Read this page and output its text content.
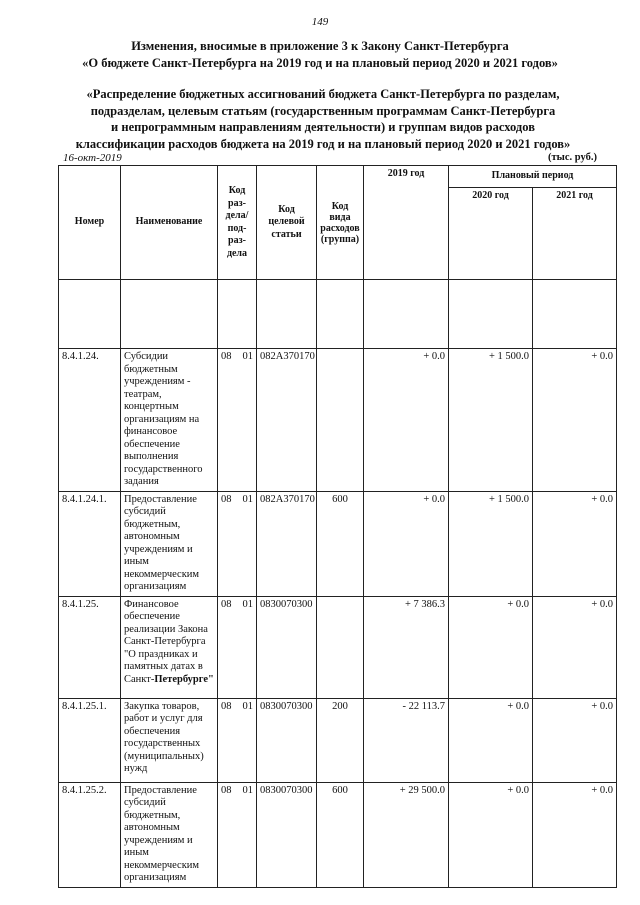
149
Изменения, вносимые в приложение 3 к Закону Санкт-Петербурга
«О бюджете Санкт-Петербурга на 2019 год и на плановый период 2020 и 2021 годов»
«Распределение бюджетных ассигнований бюджета Санкт-Петербурга по разделам,
подразделам, целевым статьям (государственным программам Санкт-Петербурга
и непрограммным направлениям деятельности) и группам видов расходов
классификации расходов бюджета на 2019 год и на плановый период 2020 и 2021 годов»
16-окт-2019	(тыс. руб.)
Номер	Наименование	Код раз-дела/ под-раз-дела	Код целевой статьи	Код вида расходов (группа)	2019 год	Плановый период	
						2020 год	2021 год

8.4.1.24.	Субсидии бюджетным учреждениям - театрам, концертным организациям на финансовое обеспечение выполнения государственного задания	08 01	082А370170		+ 0.0	+ 1 500.0	+ 0.0
8.4.1.24.1.	Предоставление субсидий бюджетным, автономным учреждениям и иным некоммерческим организациям	08 01	082А370170	600	+ 0.0	+ 1 500.0	+ 0.0
8.4.1.25.	Финансовое обеспечение реализации Закона Санкт-Петербурга "О праздниках и памятных датах в Санкт-Петербурге"	08 01	0830070300		+ 7 386.3	+ 0.0	+ 0.0
8.4.1.25.1.	Закупка товаров, работ и услуг для обеспечения государственных (муниципальных) нужд	08 01	0830070300	200	- 22 113.7	+ 0.0	+ 0.0
8.4.1.25.2.	Предоставление субсидий бюджетным, автономным учреждениям и иным некоммерческим организациям	08 01	0830070300	600	+ 29 500.0	+ 0.0	+ 0.0
